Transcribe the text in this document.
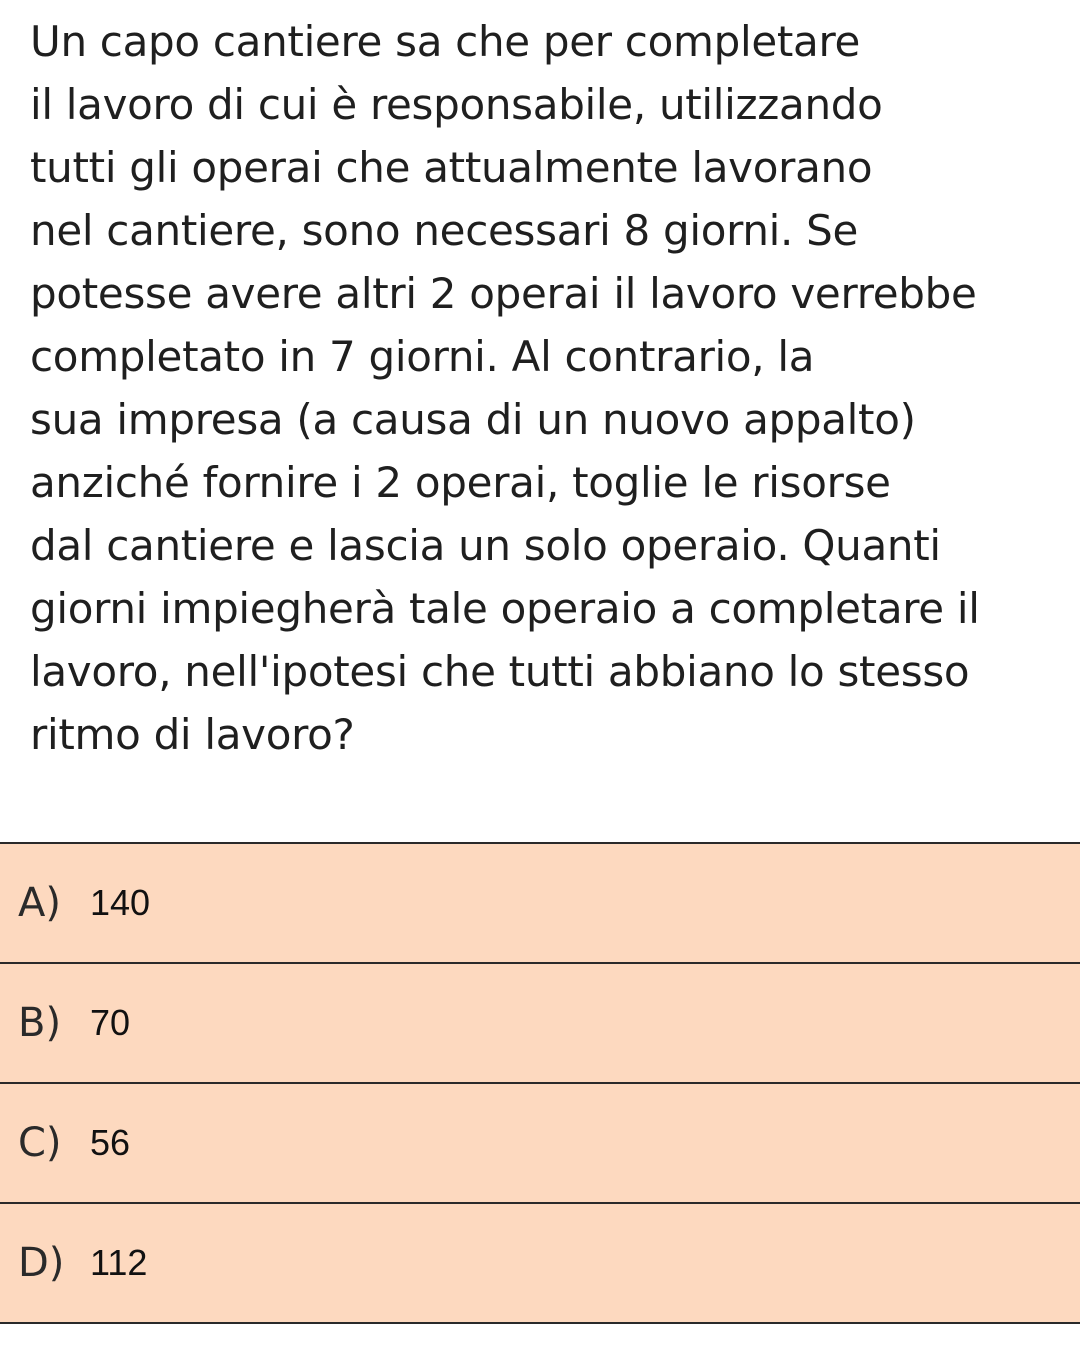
Un capo cantiere sa che per completare
il lavoro di cui è responsabile, utilizzando
tutti gli operai che attualmente lavorano
nel cantiere, sono necessari 8 giorni. Se
potesse avere altri 2 operai il lavoro verrebbe
completato in 7 giorni. Al contrario, la
sua impresa (a causa di un nuovo appalto)
anziché fornire i 2 operai, toglie le risorse
dal cantiere e lascia un solo operaio. Quanti
giorni impiegherà tale operaio a completare il
lavoro, nell'ipotesi che tutti abbiano lo stesso
ritmo di lavoro?
A) 140
B) 70
C) 56
D) 112
